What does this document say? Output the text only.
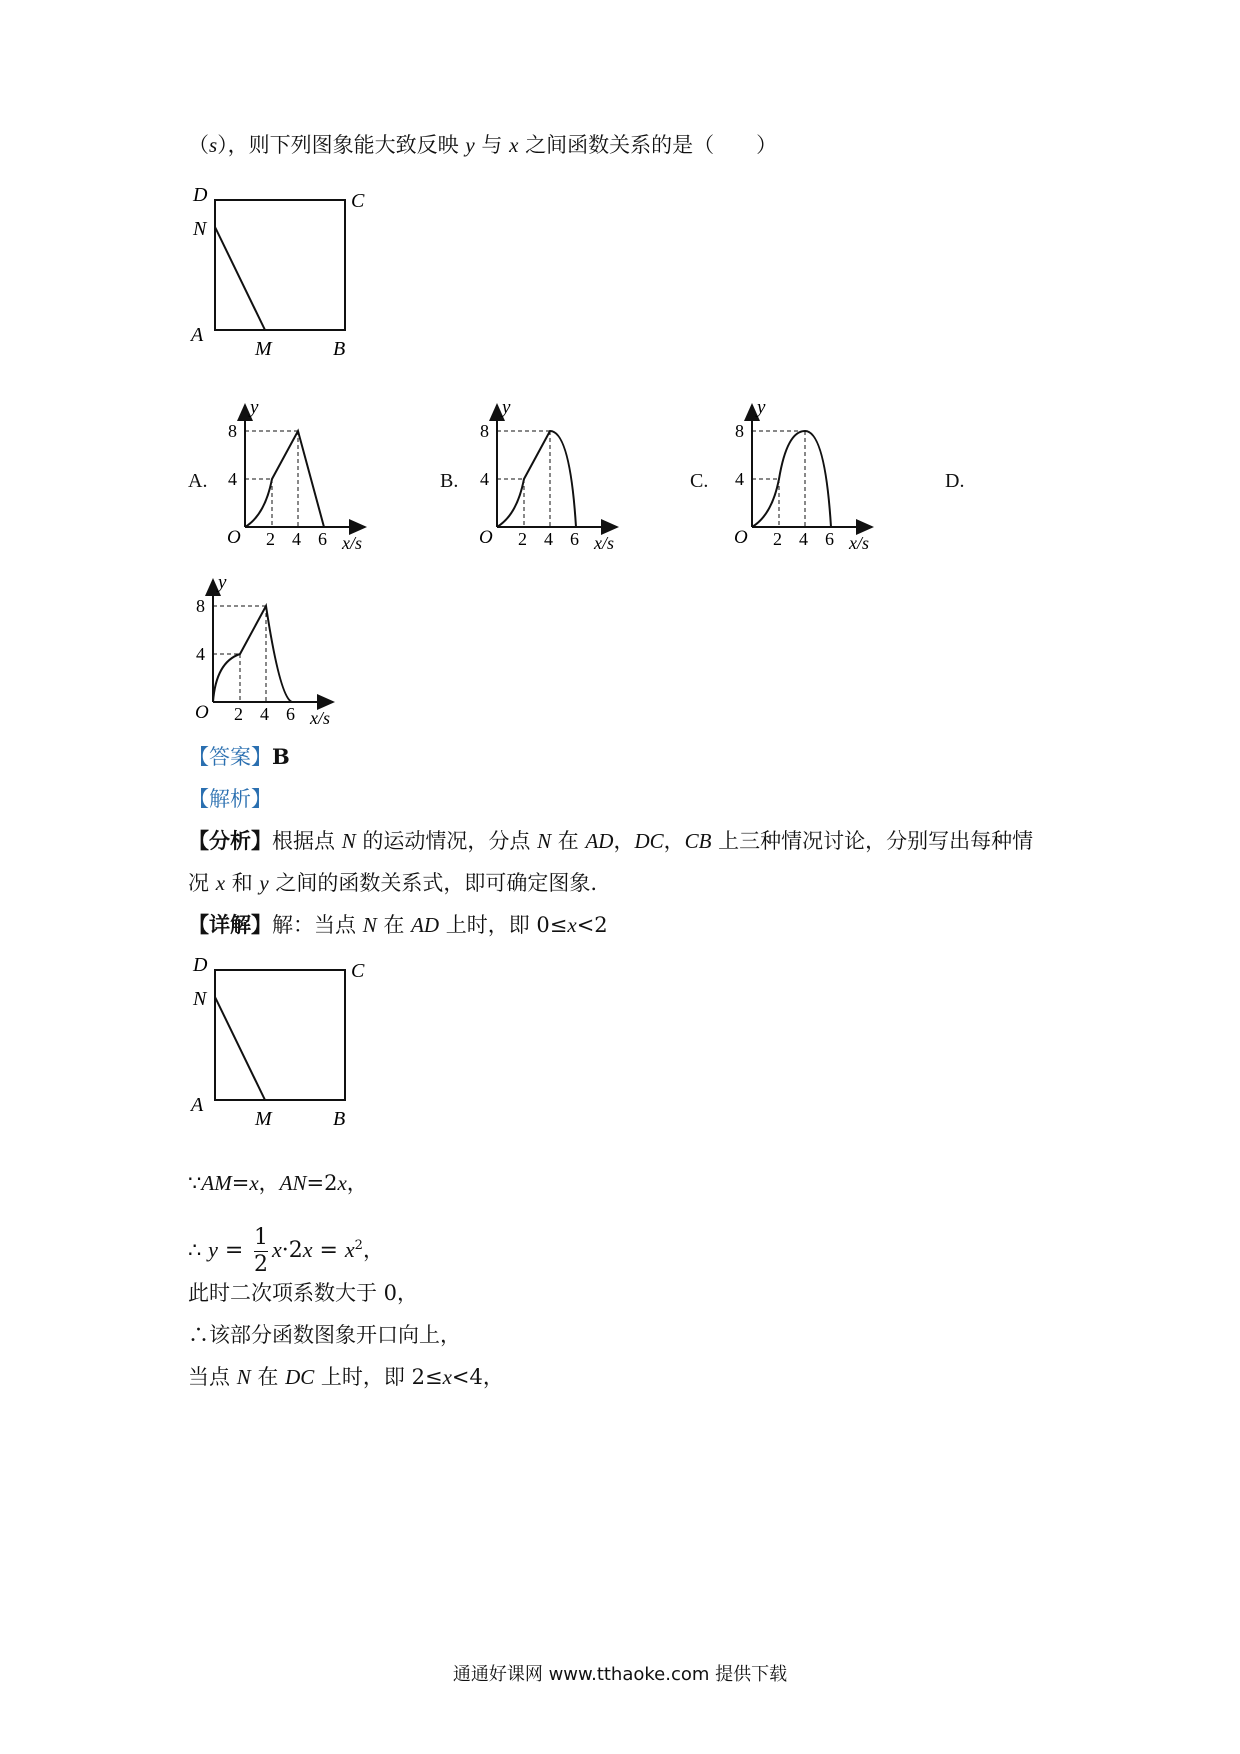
（s），则下列图象能大致反映 y 与 x 之间函数关系的是（　　）
D	C
N
A
M	B
A.	B.	C.	D.
y
8
4
O 2 4 6 x/s
y
8
4
O 2 4 6 x/s
y
8
4
O 2 4 6 x/s
y
8
4
O 2 4 6 x/s
【答案】B
【解析】
【分析】根据点 N 的运动情况，分点 N 在 AD，DC，CB 上三种情况讨论，分别写出每种情
况 x 和 y 之间的函数关系式，即可确定图象.
【详解】解：当点 N 在 AD 上时，即 0≤x<2
D	C
N
A
M	B
∵AM=x，AN=2x，
∴ $y = \frac{1}{2} x\cdot 2x = x^2$，
此时二次项系数大于 0，
∴该部分函数图象开口向上，
当点 N 在 DC 上时，即 2≤x<4，
通通好课网 www.tthaoke.com 提供下载
